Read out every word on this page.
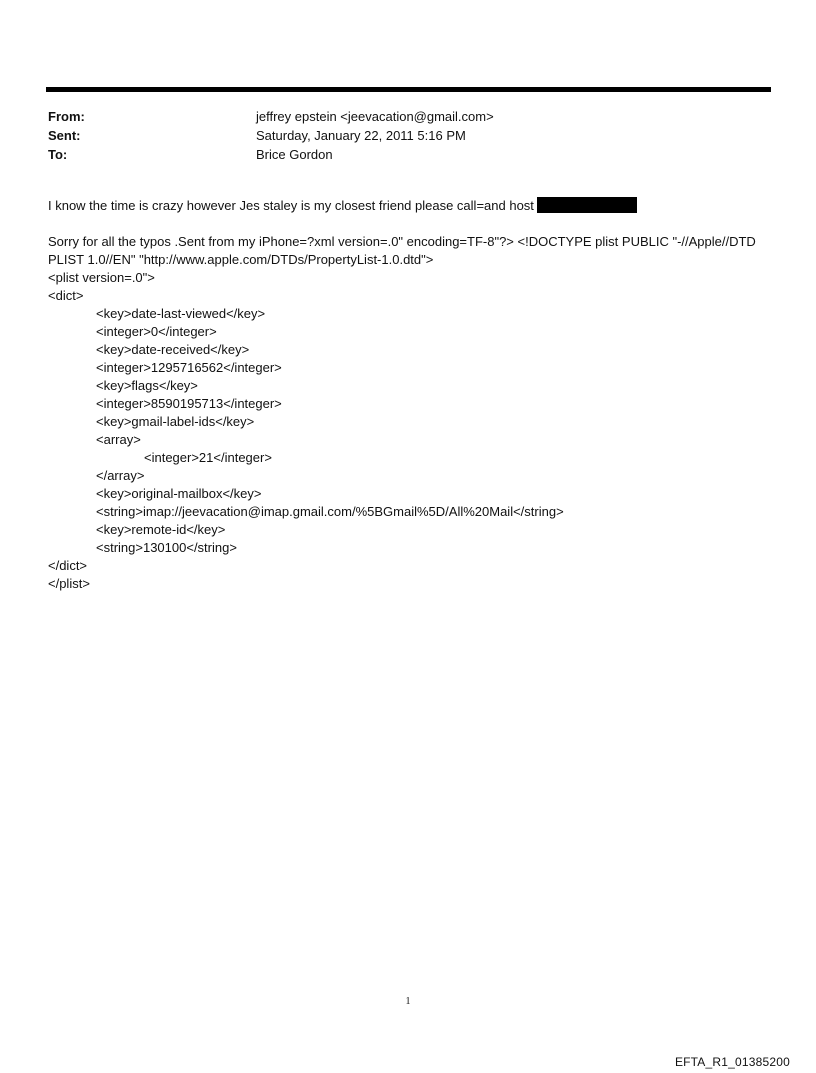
From:	jeffrey epstein <jeevacation@gmail.com>
Sent:	Saturday, January 22, 2011 5:16 PM
To:	Brice Gordon
I know the time is crazy however Jes staley is my closest friend please call=and host
Sorry for all the typos .Sent from my iPhone=?xml version=.0" encoding=TF-8"?> <!DOCTYPE plist PUBLIC "-//Apple//DTD
PLIST 1.0//EN" "http://www.apple.com/DTDs/PropertyList-1.0.dtd">
<plist version=.0">
<dict>
<key>date-last-viewed</key>
<integer>0</integer>
<key>date-received</key>
<integer>1295716562</integer>
<key>flags</key>
<integer>8590195713</integer>
<key>gmail-label-ids</key>
<array>
<integer>21</integer>
</array>
<key>original-mailbox</key>
<string>imap://jeevacation@imap.gmail.com/%5BGmail%5D/All%20Mail</string>
<key>remote-id</key>
<string>130100</string>
</dict>
</plist>
1
EFTA_R1_01385200
